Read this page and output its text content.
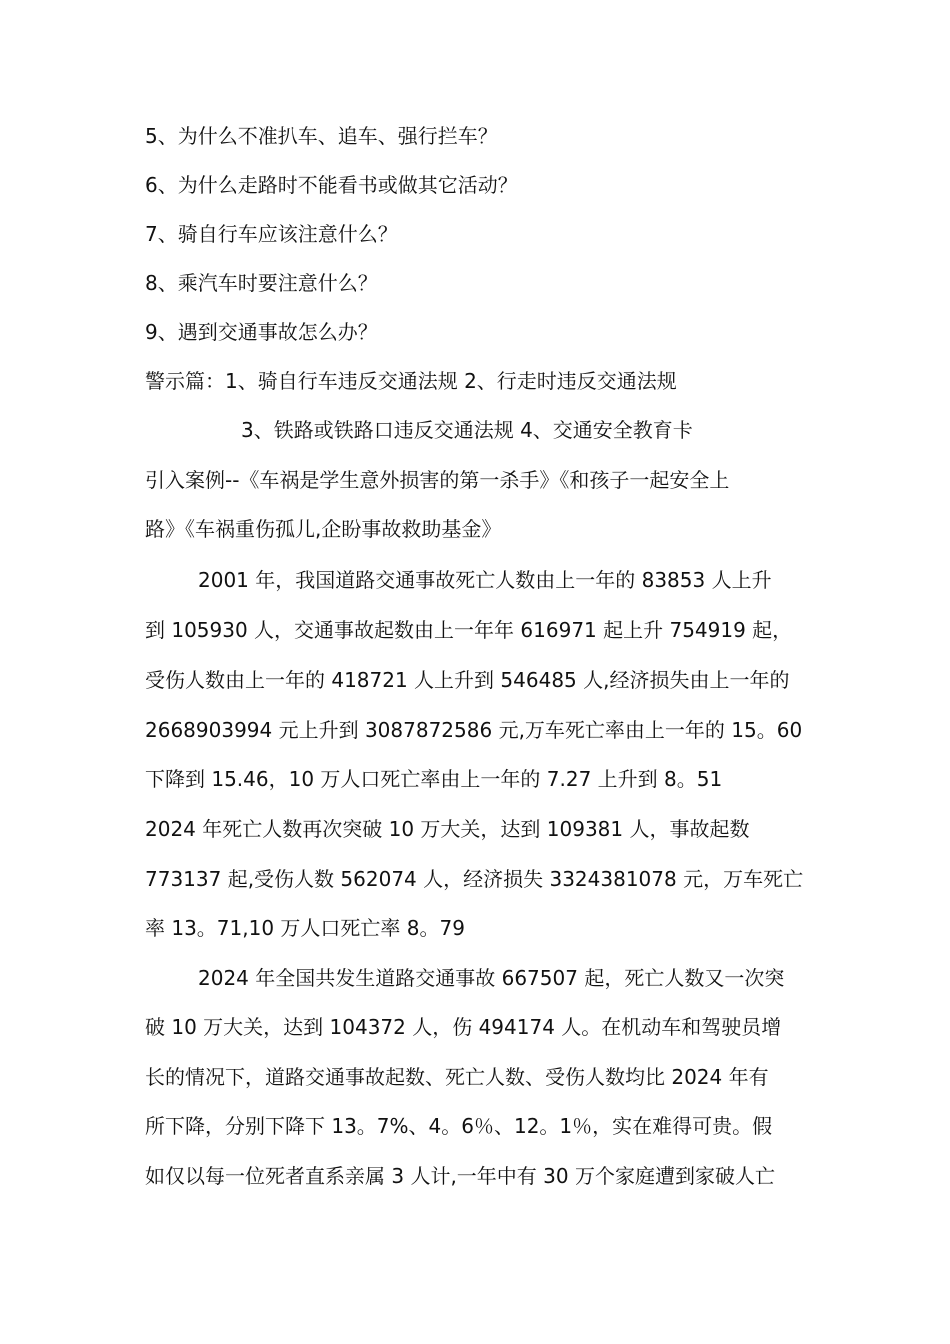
5、为什么不准扒车、追车、强行拦车？
6、为什么走路时不能看书或做其它活动？
7、骑自行车应该注意什么？
8、乘汽车时要注意什么？
9、遇到交通事故怎么办？
警示篇：1、骑自行车违反交通法规 2、行走时违反交通法规
3、铁路或铁路口违反交通法规 4、交通安全教育卡
引入案例--《车祸是学生意外损害的第一杀手》《和孩子一起安全上
路》《车祸重伤孤儿,企盼事故救助基金》
2001 年，我国道路交通事故死亡人数由上一年的 83853 人上升
到 105930 人，交通事故起数由上一年年 616971 起上升 754919 起，
受伤人数由上一年的 418721 人上升到 546485 人,经济损失由上一年的
2668903994 元上升到 3087872586 元,万车死亡率由上一年的 15。60
下降到 15.46，10 万人口死亡率由上一年的 7.27 上升到 8。51
2024 年死亡人数再次突破 10 万大关，达到 109381 人，事故起数
773137 起,受伤人数 562074 人，经济损失 3324381078 元，万车死亡
率 13。71,10 万人口死亡率 8。79
2024 年全国共发生道路交通事故 667507 起，死亡人数又一次突
破 10 万大关，达到 104372 人，伤 494174 人。在机动车和驾驶员增
长的情况下，道路交通事故起数、死亡人数、受伤人数均比 2024 年有
所下降，分别下降下 13。7%、4。6％、12。1％，实在难得可贵。假
如仅以每一位死者直系亲属 3 人计,一年中有 30 万个家庭遭到家破人亡
